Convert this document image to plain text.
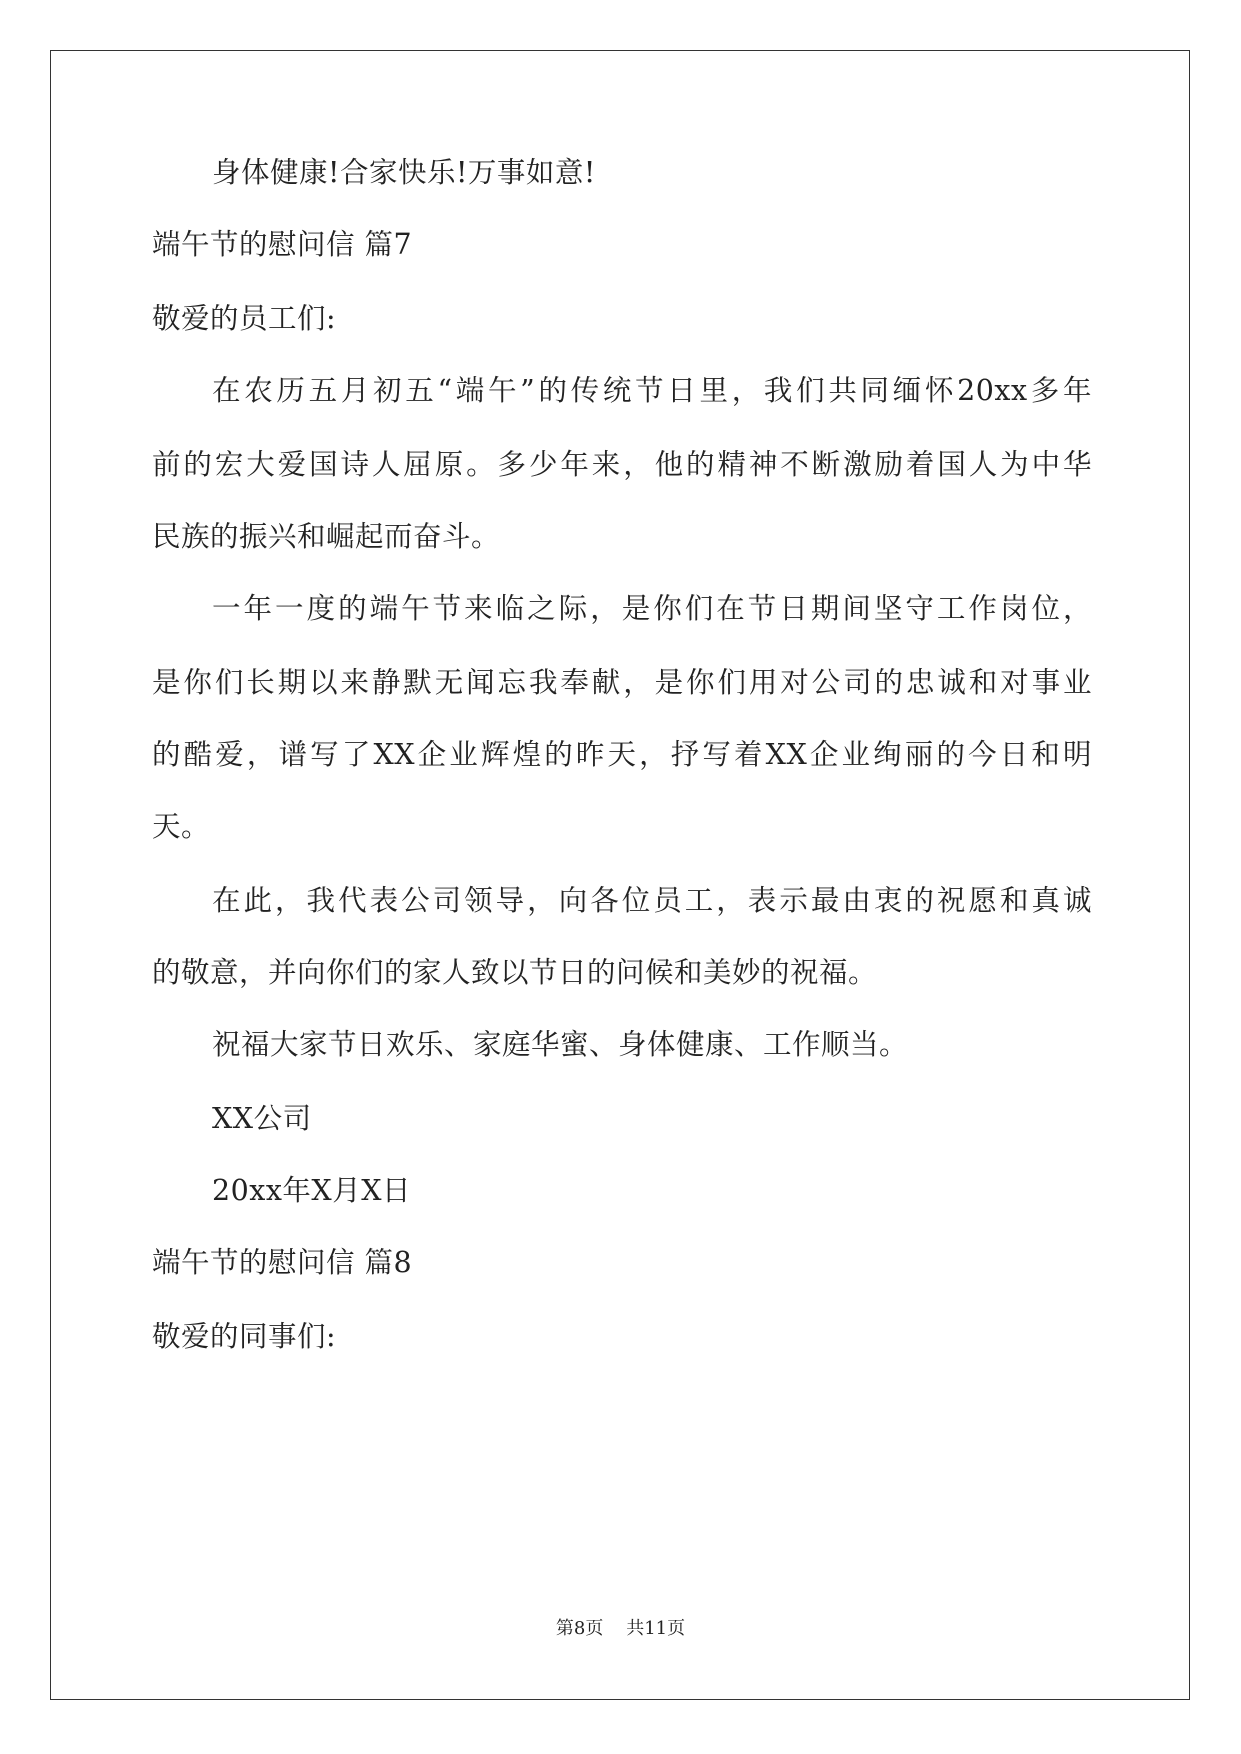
身体健康!合家快乐!万事如意!
端午节的慰问信 篇7
敬爱的员工们:
在农历五月初五“端午”的传统节日里，我们共同缅怀20xx多年
前的宏大爱国诗人屈原。多少年来，他的精神不断激励着国人为中华
民族的振兴和崛起而奋斗。
一年一度的端午节来临之际，是你们在节日期间坚守工作岗位，
是你们长期以来静默无闻忘我奉献，是你们用对公司的忠诚和对事业
的酷爱，谱写了XX企业辉煌的昨天，抒写着XX企业绚丽的今日和明
天。
在此，我代表公司领导，向各位员工，表示最由衷的祝愿和真诚
的敬意，并向你们的家人致以节日的问候和美妙的祝福。
祝福大家节日欢乐、家庭华蜜、身体健康、工作顺当。
XX公司
20xx年X月X日
端午节的慰问信 篇8
敬爱的同事们:
第8页    共11页
